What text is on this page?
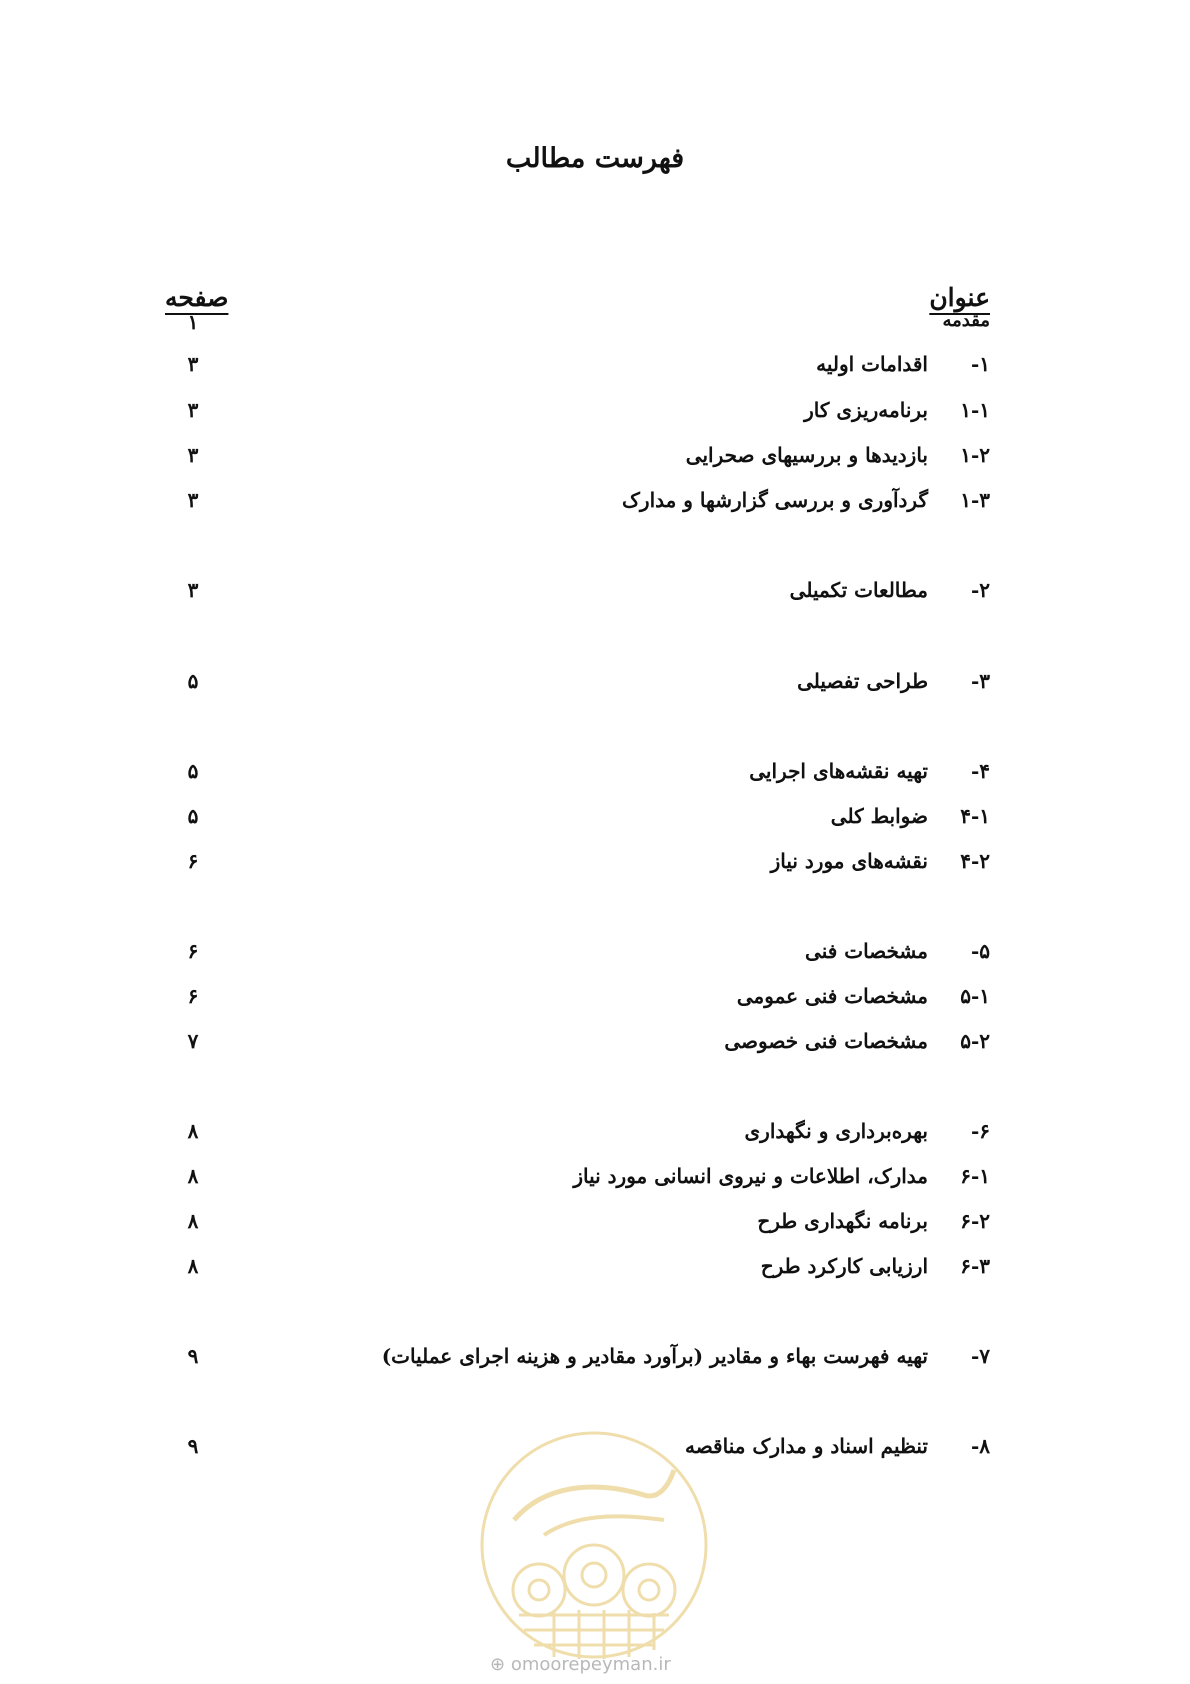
فهرست مطالب
عنوان
صفحه
مقدمه
۱
۱-
اقدامات اولیه
۳
۱-۱
برنامه‌ریزی کار
۳
۱-۲
بازدیدها و بررسیهای صحرایی
۳
۱-۳
گردآوری و بررسی گزارشها و مدارک
۳
۲-
مطالعات تکمیلی
۳
۳-
طراحی تفصیلی
۵
۴-
تهیه نقشه‌های اجرایی
۵
۴-۱
ضوابط کلی
۵
۴-۲
نقشه‌های مورد نیاز
۶
۵-
مشخصات فنی
۶
۵-۱
مشخصات فنی عمومی
۶
۵-۲
مشخصات فنی خصوصی
۷
۶-
بهره‌برداری و نگهداری
۸
۶-۱
مدارک، اطلاعات و نیروی انسانی مورد نیاز
۸
۶-۲
برنامه نگهداری طرح
۸
۶-۳
ارزیابی کارکرد طرح
۸
۷-
تهیه فهرست بهاء و مقادیر (برآورد مقادیر و هزینه اجرای عملیات)
۹
۸-
تنظیم اسناد و مدارک مناقصه
۹
⊕ omoorepeyman.ir
